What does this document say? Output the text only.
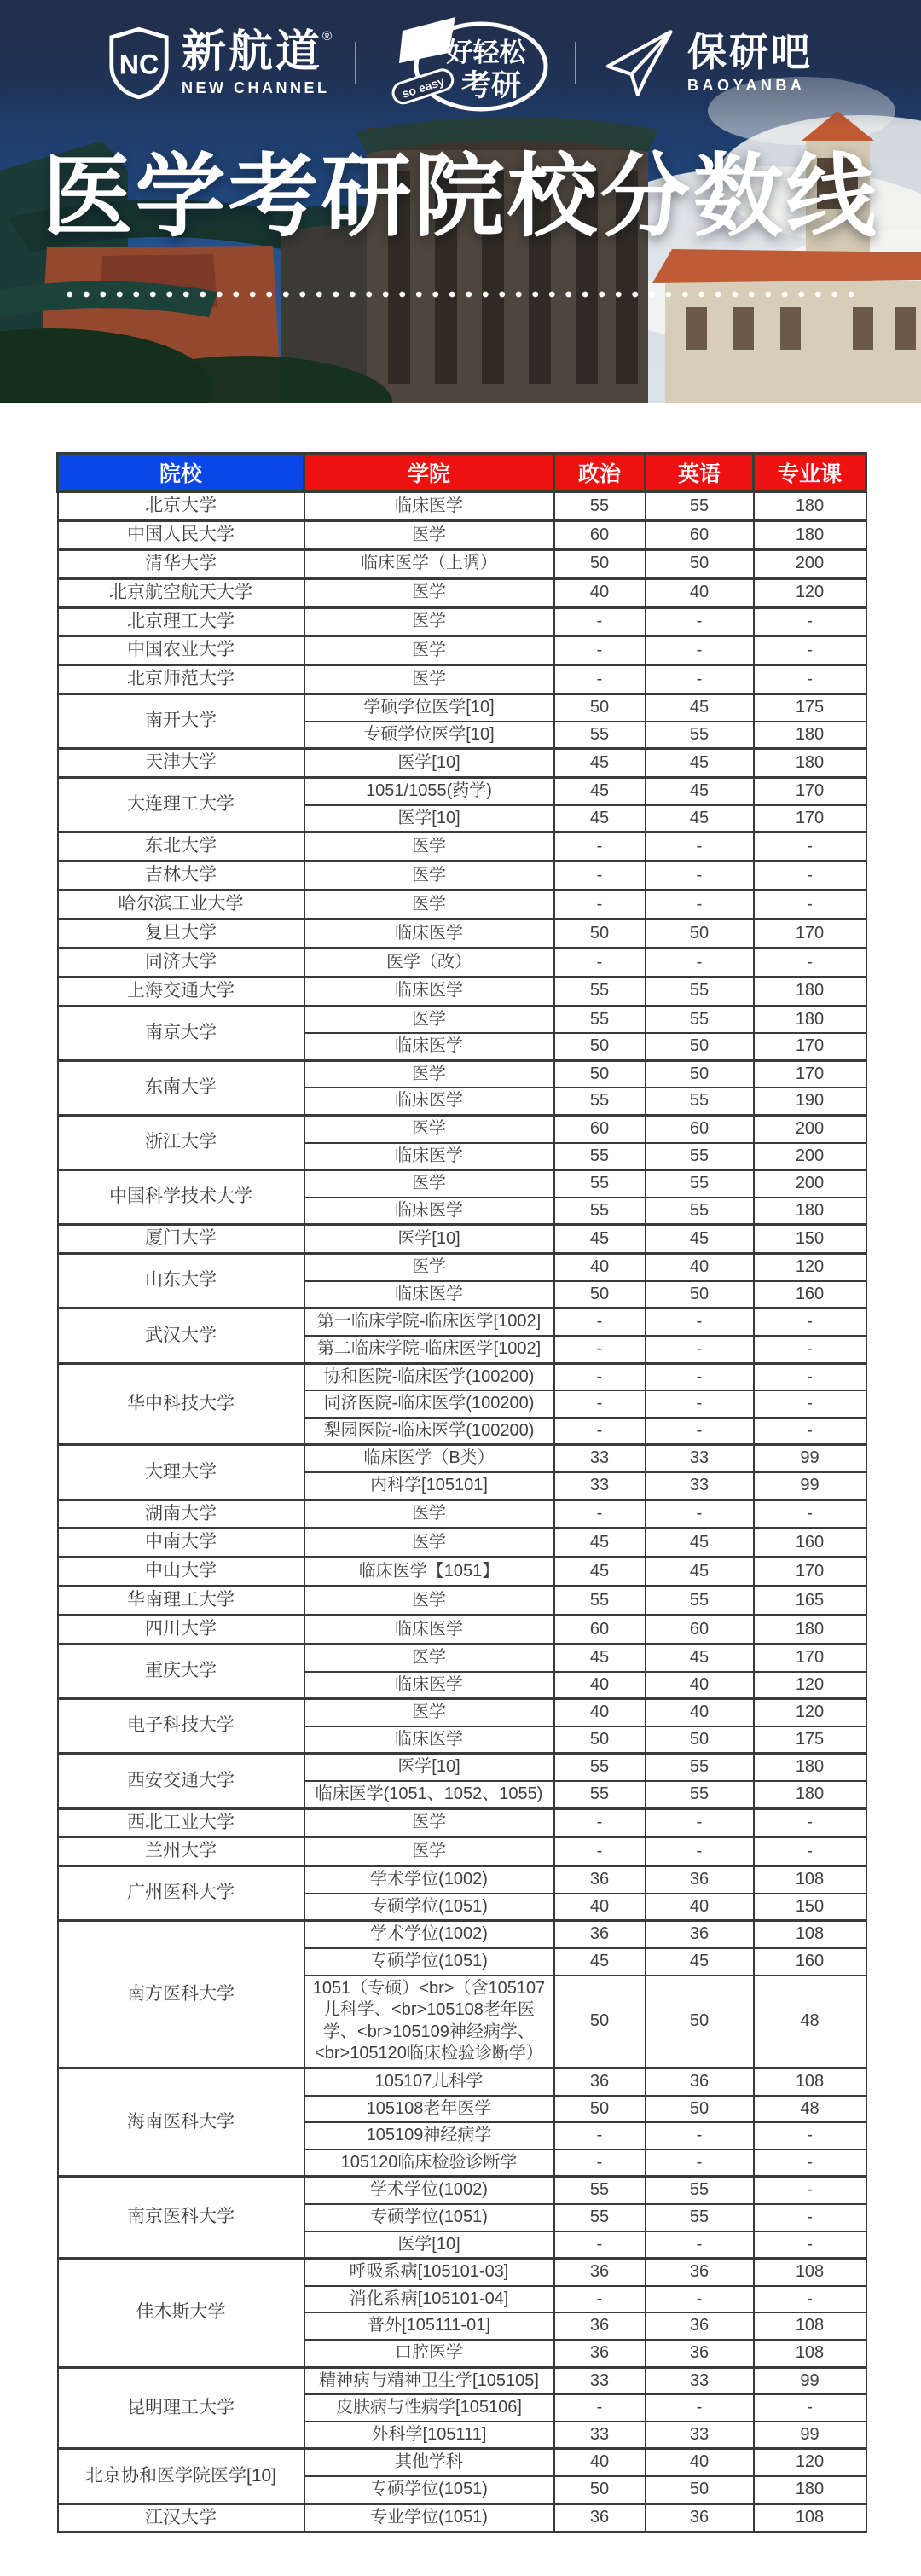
NC 新航道®
NEW CHANNEL
好轻松
考研
so easy
保研吧
BAOYANBA
医学考研院校分数线
院校	学院	政治	英语	专业课
北京大学	临床医学	55	55	180
中国人民大学	医学	60	60	180
清华大学	临床医学（上调）	50	50	200
北京航空航天大学	医学	40	40	120
北京理工大学	医学	-	-	-
中国农业大学	医学	-	-	-
北京师范大学	医学	-	-	-
南开大学	学硕学位医学[10]	50	45	175
	专硕学位医学[10]	55	55	180
天津大学	医学[10]	45	45	180
大连理工大学	1051/1055(药学)	45	45	170
	医学[10]	45	45	170
东北大学	医学	-	-	-
吉林大学	医学	-	-	-
哈尔滨工业大学	医学	-	-	-
复旦大学	临床医学	50	50	170
同济大学	医学（改）	-	-	-
上海交通大学	临床医学	55	55	180
南京大学	医学	55	55	180
	临床医学	50	50	170
东南大学	医学	50	50	170
	临床医学	55	55	190
浙江大学	医学	60	60	200
	临床医学	55	55	200
中国科学技术大学	医学	55	55	200
	临床医学	55	55	180
厦门大学	医学[10]	45	45	150
山东大学	医学	40	40	120
	临床医学	50	50	160
武汉大学	第一临床学院-临床医学[1002]	-	-	-
	第二临床学院-临床医学[1002]	-	-	-
华中科技大学	协和医院-临床医学(100200)	-	-	-
	同济医院-临床医学(100200)	-	-	-
	梨园医院-临床医学(100200)	-	-	-
大理大学	临床医学（B类）	33	33	99
	内科学[105101]	33	33	99
湖南大学	医学	-	-	-
中南大学	医学	45	45	160
中山大学	临床医学【1051】	45	45	170
华南理工大学	医学	55	55	165
四川大学	临床医学	60	60	180
重庆大学	医学	45	45	170
	临床医学	40	40	120
电子科技大学	医学	40	40	120
	临床医学	50	50	175
西安交通大学	医学[10]	55	55	180
	临床医学(1051、1052、1055)	55	55	180
西北工业大学	医学	-	-	-
兰州大学	医学	-	-	-
广州医科大学	学术学位(1002)	36	36	108
	专硕学位(1051)	40	40	150
南方医科大学	学术学位(1002)	36	36	108
	专硕学位(1051)	45	45	160
	1051（专硕）<br>（含105107儿科学、<br>105108老年医学、<br>105109神经病学、<br>105120临床检验诊断学）	50	50	48
海南医科大学	105107儿科学	36	36	108
	105108老年医学	50	50	48
	105109神经病学	-	-	-
	105120临床检验诊断学	-	-	-
南京医科大学	学术学位(1002)	55	55	-
	专硕学位(1051)	55	55	-
	医学[10]	-	-	-
佳木斯大学	呼吸系病[105101-03]	36	36	108
	消化系病[105101-04]	-	-	-
	普外[105111-01]	36	36	108
	口腔医学	36	36	108
昆明理工大学	精神病与精神卫生学[105105]	33	33	99
	皮肤病与性病学[105106]	-	-	-
	外科学[105111]	33	33	99
北京协和医学院医学[10]	其他学科	40	40	120
	专硕学位(1051)	50	50	180
江汉大学	专业学位(1051)	36	36	108
